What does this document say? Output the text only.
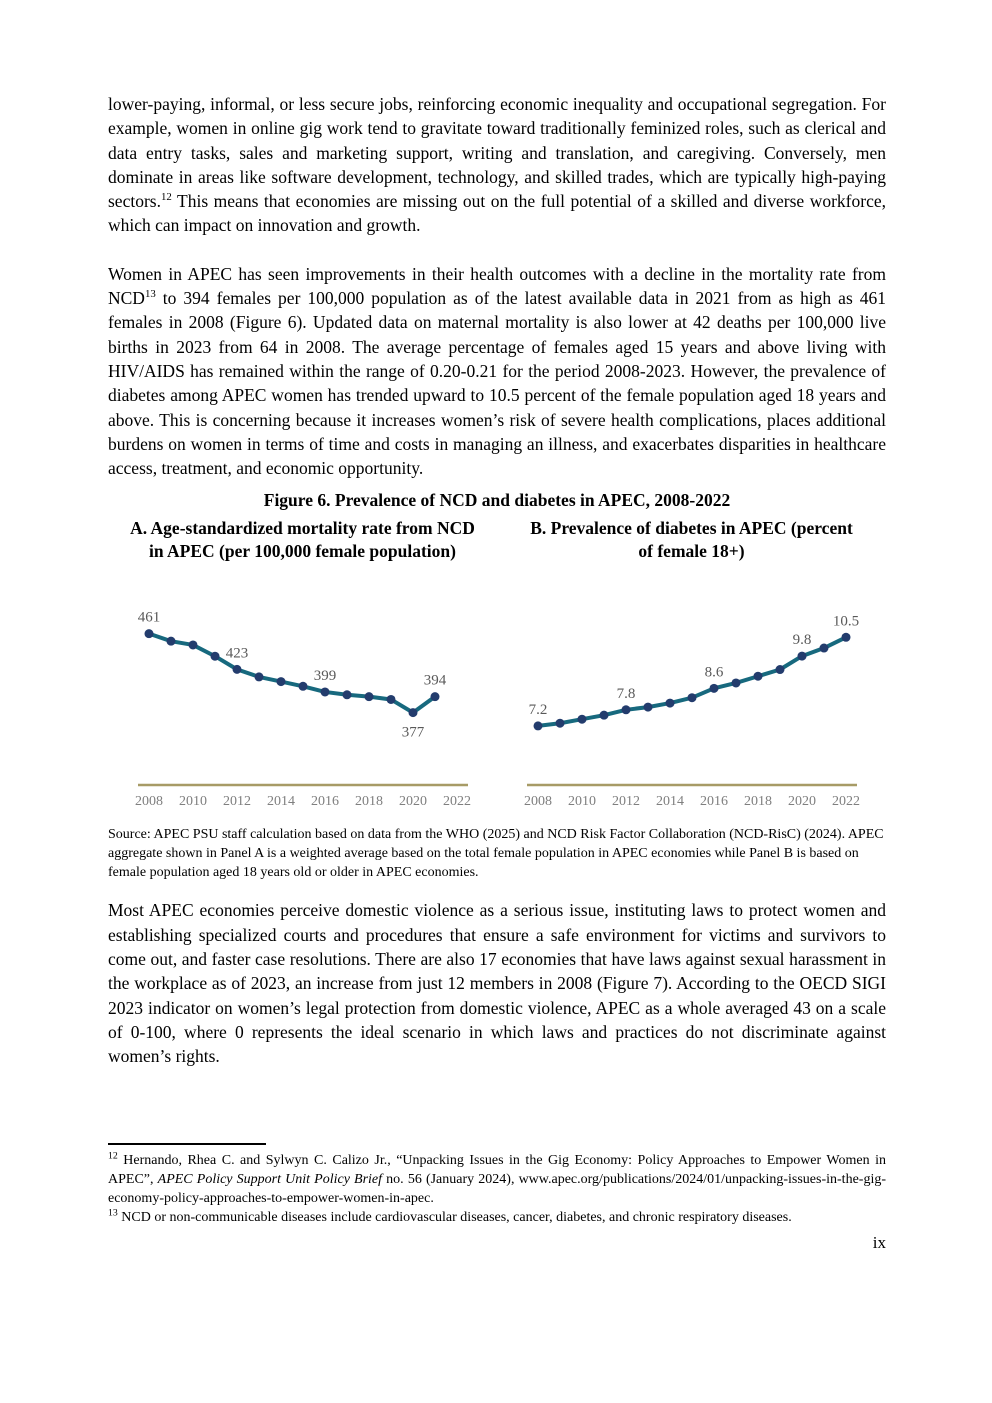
lower-paying, informal, or less secure jobs, reinforcing economic inequality and occupational segregation. For example, women in online gig work tend to gravitate toward traditionally feminized roles, such as clerical and data entry tasks, sales and marketing support, writing and translation, and caregiving. Conversely, men dominate in areas like software development, technology, and skilled trades, which are typically high-paying sectors.$^{12}$ This means that economies are missing out on the full potential of a skilled and diverse workforce, which can impact on innovation and growth.

Women in APEC has seen improvements in their health outcomes with a decline in the mortality rate from NCD$^{13}$ to 394 females per 100,000 population as of the latest available data in 2021 from as high as 461 females in 2008 (Figure 6). Updated data on maternal mortality is also lower at 42 deaths per 100,000 live births in 2023 from 64 in 2008. The average percentage of females aged 15 years and above living with HIV/AIDS has remained within the range of 0.20-0.21 for the period 2008-2023. However, the prevalence of diabetes among APEC women has trended upward to 10.5 percent of the female population aged 18 years and above. This is concerning because it increases women’s risk of severe health complications, places additional burdens on women in terms of time and costs in managing an illness, and exacerbates disparities in healthcare access, treatment, and economic opportunity.

Figure 6. Prevalence of NCD and diabetes in APEC, 2008-2022
A. Age-standardized mortality rate from NCD in APEC (per 100,000 female population)
2008 2010 2012 2014 2016 2018 2020 2022
461
423
399
377
394
B. Prevalence of diabetes in APEC (percent of female 18+)
2008 2010 2012 2014 2016 2018 2020 2022
7.2
7.8
8.6
9.8
10.5
Source: APEC PSU staff calculation based on data from the WHO (2025) and NCD Risk Factor Collaboration (NCD-RisC) (2024). APEC aggregate shown in Panel A is a weighted average based on the total female population in APEC economies while Panel B is based on female population aged 18 years old or older in APEC economies.

Most APEC economies perceive domestic violence as a serious issue, instituting laws to protect women and establishing specialized courts and procedures that ensure a safe environment for victims and survivors to come out, and faster case resolutions. There are also 17 economies that have laws against sexual harassment in the workplace as of 2023, an increase from just 12 members in 2008 (Figure 7). According to the OECD SIGI 2023 indicator on women’s legal protection from domestic violence, APEC as a whole averaged 43 on a scale of 0-100, where 0 represents the ideal scenario in which laws and practices do not discriminate against women’s rights.

$^{12}$ Hernando, Rhea C. and Sylwyn C. Calizo Jr., “Unpacking Issues in the Gig Economy: Policy Approaches to Empower Women in APEC”, APEC Policy Support Unit Policy Brief no. 56 (January 2024), www.apec.org/publications/2024/01/unpacking-issues-in-the-gig-economy-policy-approaches-to-empower-women-in-apec.

$^{13}$ NCD or non-communicable diseases include cardiovascular diseases, cancer, diabetes, and chronic respiratory diseases.

ix
